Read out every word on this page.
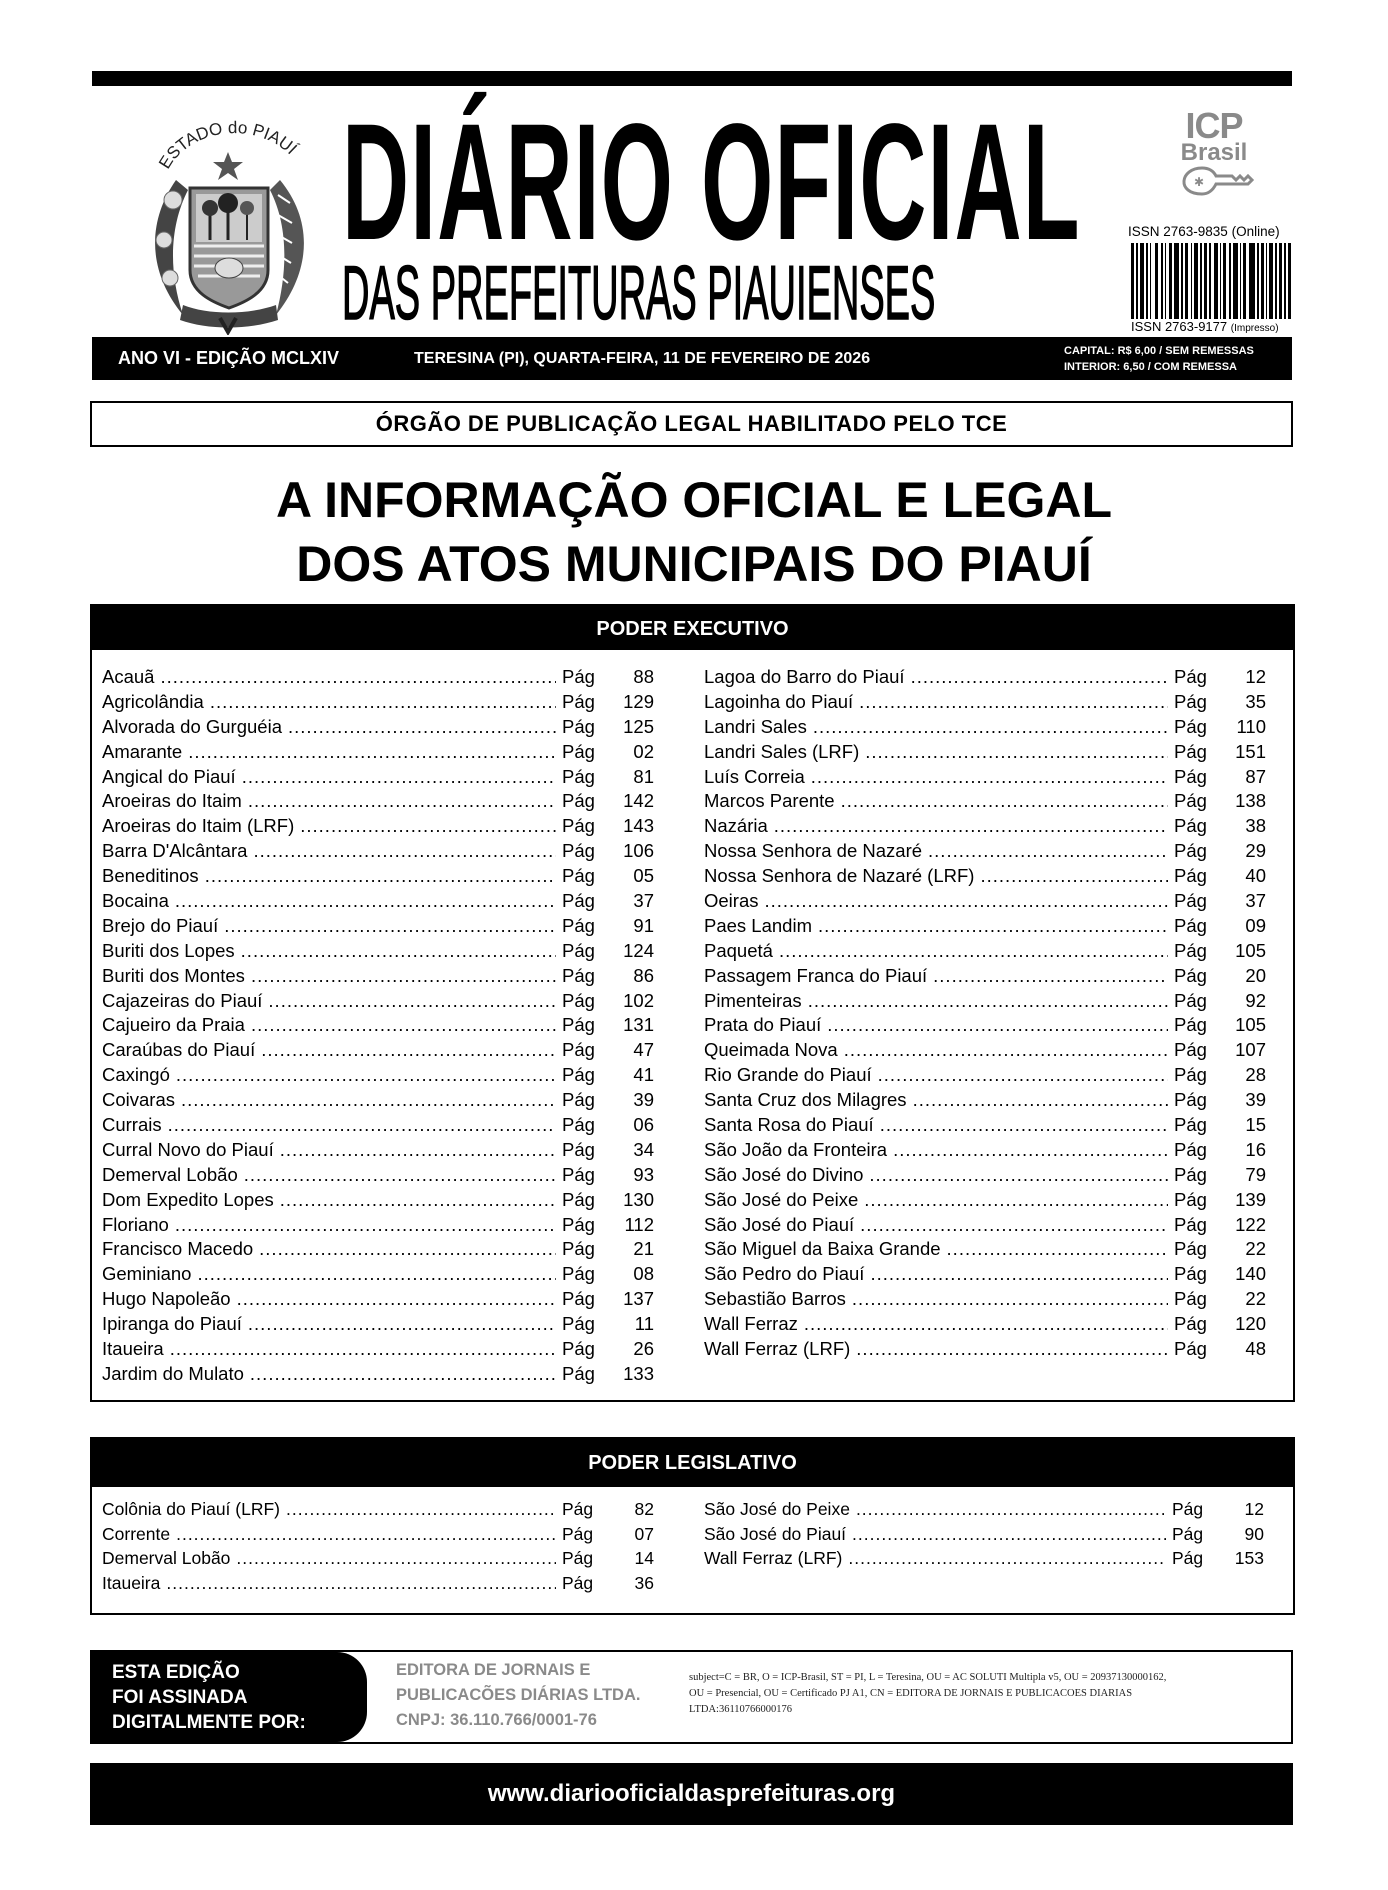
ESTADO do PIAUÍ DIÁRIO OFICIAL
DAS PREFEITURAS PIAUIENSES
ICP
Brasil
✱
ISSN 2763-9835 (Online)
ISSN 2763-9177 (Impresso)
ANO VI - EDIÇÃO MCLXIV	TERESINA (PI), QUARTA-FEIRA, 11 DE FEVEREIRO DE 2026	CAPITAL: R$ 6,00 / SEM REMESSAS
INTERIOR: 6,50 / COM REMESSA
ÓRGÃO DE PUBLICAÇÃO LEGAL HABILITADO PELO TCE
A INFORMAÇÃO OFICIAL E LEGAL
DOS ATOS MUNICIPAIS DO PIAUÍ
PODER EXECUTIVO
Acauã .....	Pág	88
Agricolândia .....	Pág	129
Alvorada do Gurguéia .....	Pág	125
Amarante .....	Pág	02
Angical do Piauí .....	Pág	81
Aroeiras do Itaim .....	Pág	142
Aroeiras do Itaim (LRF) .....	Pág	143
Barra D'Alcântara .....	Pág	106
Beneditinos .....	Pág	05
Bocaina .....	Pág	37
Brejo do Piauí .....	Pág	91
Buriti dos Lopes .....	Pág	124
Buriti dos Montes .....	Pág	86
Cajazeiras do Piauí .....	Pág	102
Cajueiro da Praia .....	Pág	131
Caraúbas do Piauí .....	Pág	47
Caxingó .....	Pág	41
Coivaras .....	Pág	39
Currais .....	Pág	06
Curral Novo do Piauí .....	Pág	34
Demerval Lobão .....	Pág	93
Dom Expedito Lopes .....	Pág	130
Floriano .....	Pág	112
Francisco Macedo .....	Pág	21
Geminiano .....	Pág	08
Hugo Napoleão .....	Pág	137
Ipiranga do Piauí .....	Pág	11
Itaueira .....	Pág	26
Jardim do Mulato .....	Pág	133
Lagoa do Barro do Piauí .....	Pág	12
Lagoinha do Piauí .....	Pág	35
Landri Sales .....	Pág	110
Landri Sales (LRF) .....	Pág	151
Luís Correia .....	Pág	87
Marcos Parente .....	Pág	138
Nazária .....	Pág	38
Nossa Senhora de Nazaré .....	Pág	29
Nossa Senhora de Nazaré (LRF) .....	Pág	40
Oeiras .....	Pág	37
Paes Landim .....	Pág	09
Paquetá .....	Pág	105
Passagem Franca do Piauí .....	Pág	20
Pimenteiras .....	Pág	92
Prata do Piauí .....	Pág	105
Queimada Nova .....	Pág	107
Rio Grande do Piauí .....	Pág	28
Santa Cruz dos Milagres .....	Pág	39
Santa Rosa do Piauí .....	Pág	15
São João da Fronteira .....	Pág	16
São José do Divino .....	Pág	79
São José do Peixe .....	Pág	139
São José do Piauí .....	Pág	122
São Miguel da Baixa Grande .....	Pág	22
São Pedro do Piauí .....	Pág	140
Sebastião Barros .....	Pág	22
Wall Ferraz .....	Pág	120
Wall Ferraz (LRF) .....	Pág	48
PODER LEGISLATIVO
Colônia do Piauí (LRF) .....	Pág	82
Corrente .....	Pág	07
Demerval Lobão .....	Pág	14
Itaueira .....	Pág	36
São José do Peixe .....	Pág	12
São José do Piauí .....	Pág	90
Wall Ferraz (LRF) .....	Pág	153
ESTA EDIÇÃO
FOI ASSINADA
DIGITALMENTE POR:
EDITORA DE JORNAIS E
PUBLICACÕES DIÁRIAS LTDA.
CNPJ: 36.110.766/0001-76
subject=C = BR, O = ICP-Brasil, ST = PI, L = Teresina, OU = AC SOLUTI Multipla v5, OU = 20937130000162,
OU = Presencial, OU = Certificado PJ A1, CN = EDITORA DE JORNAIS E PUBLICACOES DIARIAS
LTDA:36110766000176
www.diariooficialdasprefeituras.org
